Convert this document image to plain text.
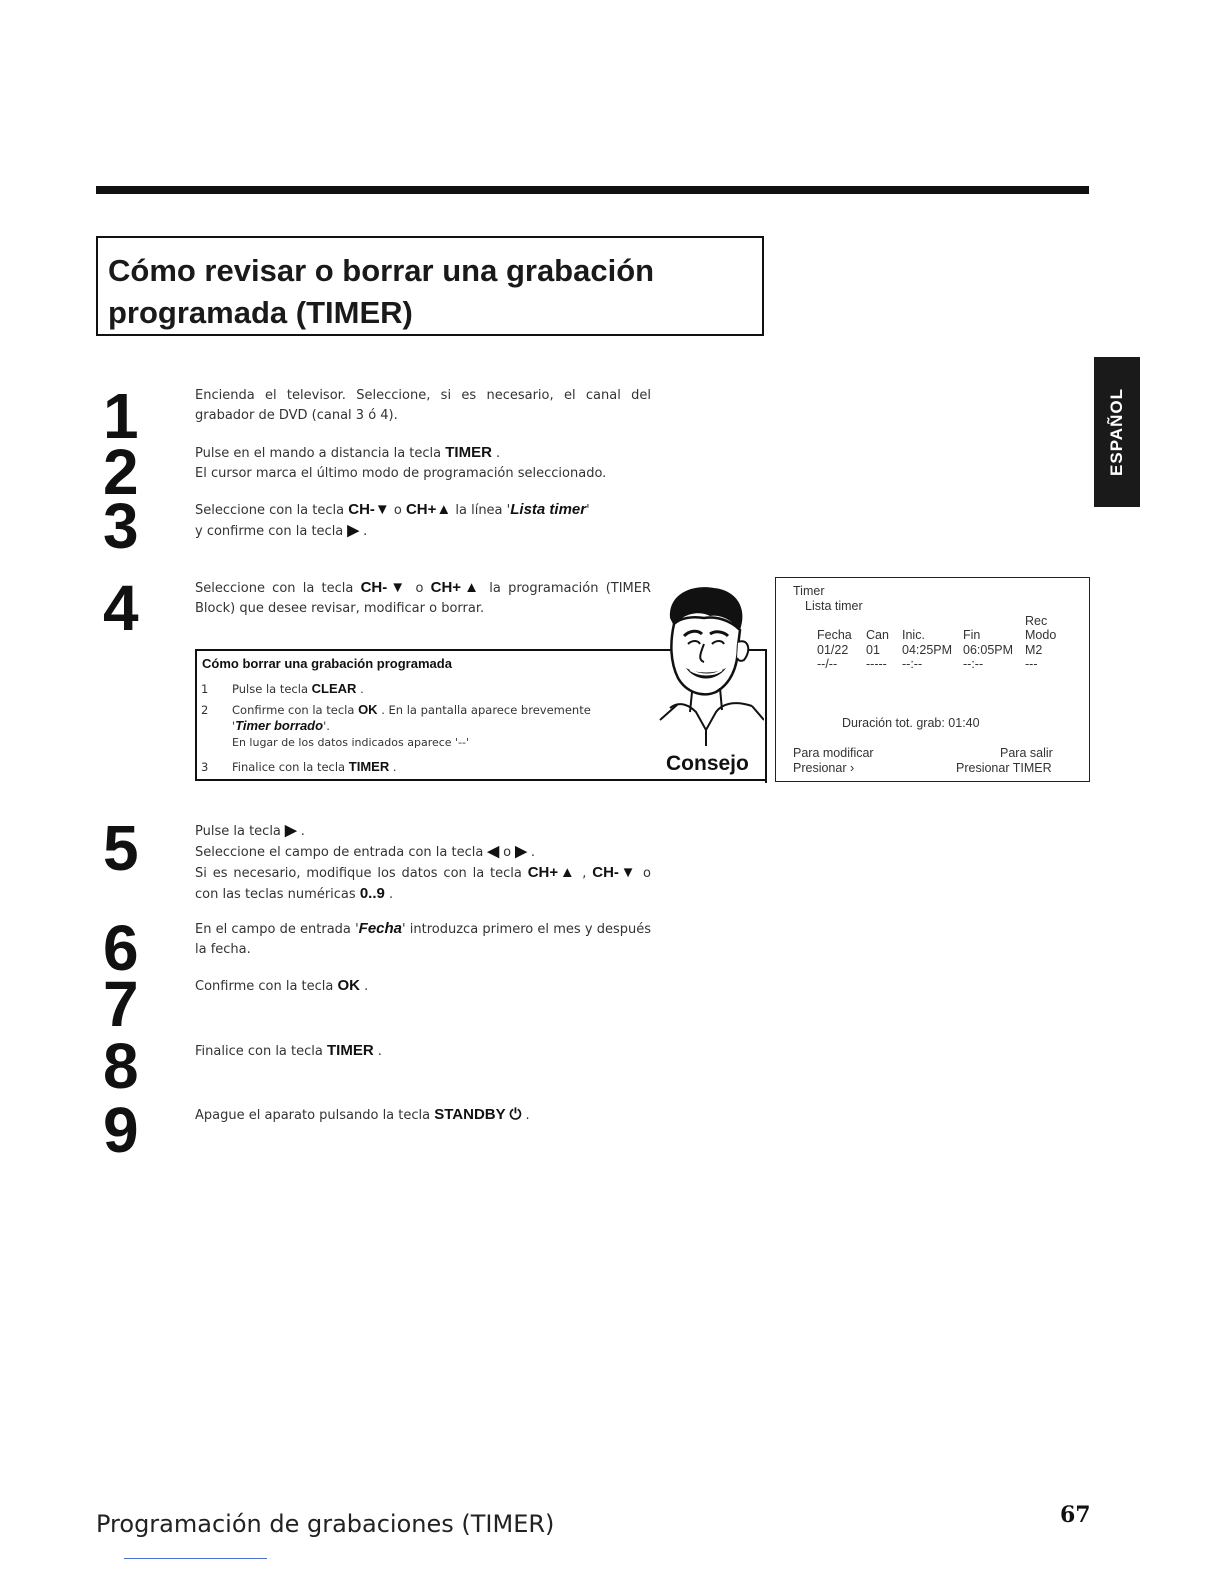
Cómo revisar o borrar una grabación
programada (TIMER)
ESPAÑOL
1
2
3
4
5
6
7
8
9
Encienda el televisor. Seleccione, si es necesario, el canal del grabador de DVD (canal 3 ó 4).
Pulse en el mando a distancia la tecla TIMER .
El cursor marca el último modo de programación seleccionado.
Seleccione con la tecla CH-▼ o CH+▲ la línea 'Lista timer'
y confirme con la tecla ▶ .
Seleccione con la tecla CH-▼ o CH+▲ la programación (TIMER Block) que desee revisar, modificar o borrar.
Pulse la tecla ▶ .
Seleccione el campo de entrada con la tecla ◀ o ▶ .
Si es necesario, modifique los datos con la tecla CH+▲ , CH-▼ o con las teclas numéricas 0..9 .
En el campo de entrada 'Fecha' introduzca primero el mes y después la fecha.
Confirme con la tecla OK .
Finalice con la tecla TIMER .
Apague el aparato pulsando la tecla STANDBY ⏻ .
Cómo borrar una grabación programada
1 Pulse la tecla CLEAR .
2 Confirme con la tecla OK . En la pantalla aparece brevemente
'Timer borrado'.
En lugar de los datos indicados aparece '--'
3 Finalice con la tecla TIMER .	Consejo
Timer
Lista timer
Rec
Fecha Can Inic.	Fin	Modo
01/22 01 04:25PM 06:05PM M2
--/-- ----- --:--	--:--	---
Duración tot. grab: 01:40
Para modificar
Presionar ›
Para salir
Presionar TIMER
Programación de grabaciones (TIMER)	67
